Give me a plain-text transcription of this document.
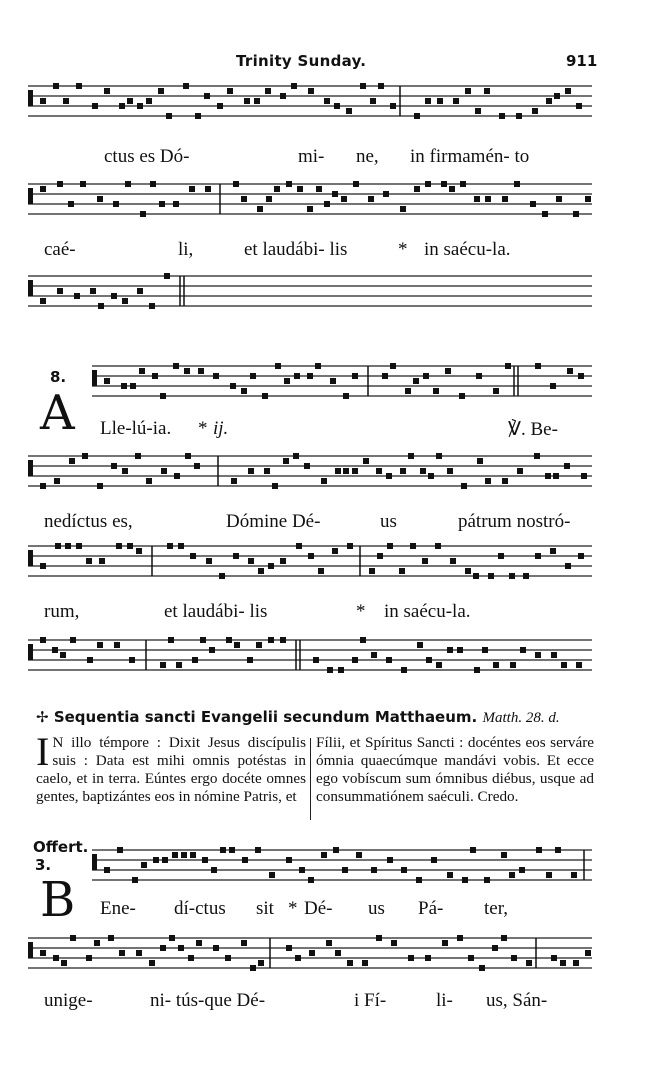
Trinity Sunday.	911
ctus es Dó-	mi- ne, in firmamén- to
caé-	li,	et laudábi- lis	* in saécu-la.
8.
A Lle-lú-ia. * ij.	℣. Be-
nedíctus es,	Dómine Dé-	us	pátrum nostró-
rum,	et laudábi- lis	* in saécu-la.
✢ Sequentia sancti Evangelii secundum Matthaeum. Matth. 28. d.
I N illo témpore : Dixit Jesus discípulis suis : Data est mihi omnis potéstas in caelo, et in terra. Eúntes ergo docéte omnes gentes, baptizántes eos in nómine Patris, et
Fílii, et Spíritus Sancti : docéntes eos serváre ómnia quaecúmque mandávi vobis. Et ecce ego vobíscum sum ómnibus diébus, usque ad consummatiónem saéculi. Credo.
Offert.
3.
B Ene- dí-ctus sit * Dé- us Pá- ter,
unige-	ni- tús-que Dé-	i Fí-	li- us, Sán-
